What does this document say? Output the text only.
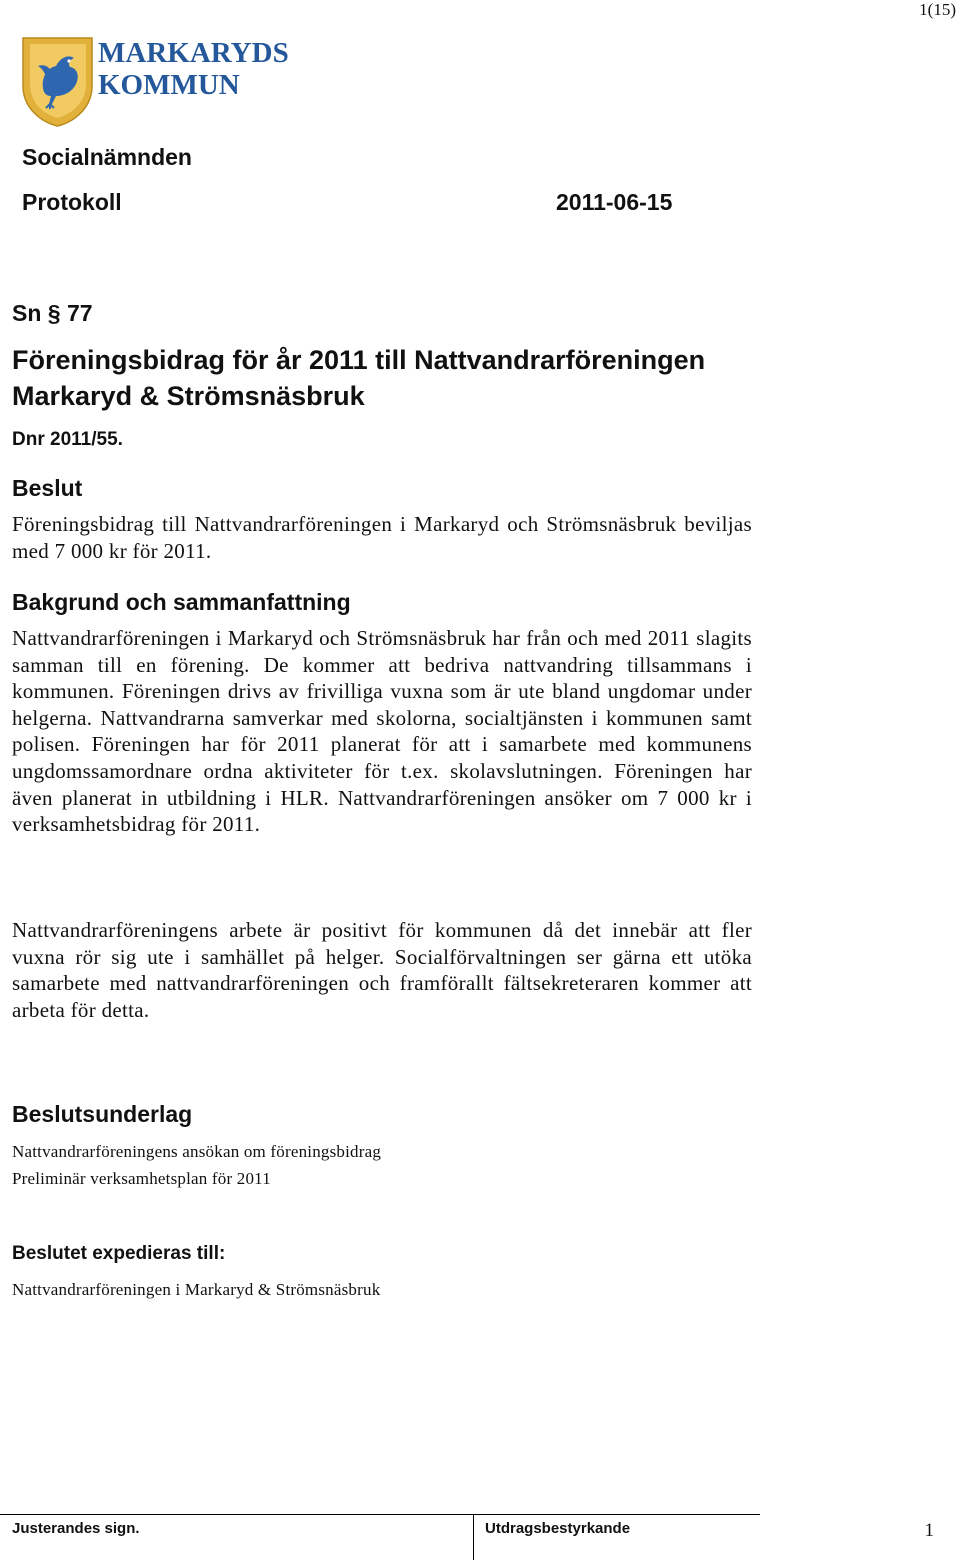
1(15)
MARKARYDS
KOMMUN
Socialnämnden
Protokoll	2011-06-15
Sn § 77
Föreningsbidrag för år 2011 till Nattvandrarföreningen Markaryd & Strömsnäsbruk
Dnr 2011/55.
Beslut
Föreningsbidrag till Nattvandrarföreningen i Markaryd och Strömsnäsbruk beviljas med 7 000 kr för 2011.
Bakgrund och sammanfattning
Nattvandrarföreningen i Markaryd och Strömsnäsbruk har från och med 2011 slagits samman till en förening. De kommer att bedriva nattvandring tillsammans i kommunen. Föreningen drivs av frivilliga vuxna som är ute bland ungdomar under helgerna. Nattvandrarna samverkar med skolorna, socialtjänsten i kommunen samt polisen. Föreningen har för 2011 planerat för att i samarbete med kommunens ungdomssamordnare ordna aktiviteter för t.ex. skolavslutningen. Föreningen har även planerat in utbildning i HLR. Nattvandrarföreningen ansöker om 7 000 kr i verksamhetsbidrag för 2011.
Nattvandrarföreningens arbete är positivt för kommunen då det innebär att fler vuxna rör sig ute i samhället på helger. Socialförvaltningen ser gärna ett utöka samarbete med nattvandrarföreningen och framförallt fältsekreteraren kommer att arbeta för detta.
Beslutsunderlag
Nattvandrarföreningens ansökan om föreningsbidrag
Preliminär verksamhetsplan för 2011
Beslutet expedieras till:
Nattvandrarföreningen i Markaryd & Strömsnäsbruk
Justerandes sign.	Utdragsbestyrkande	1
